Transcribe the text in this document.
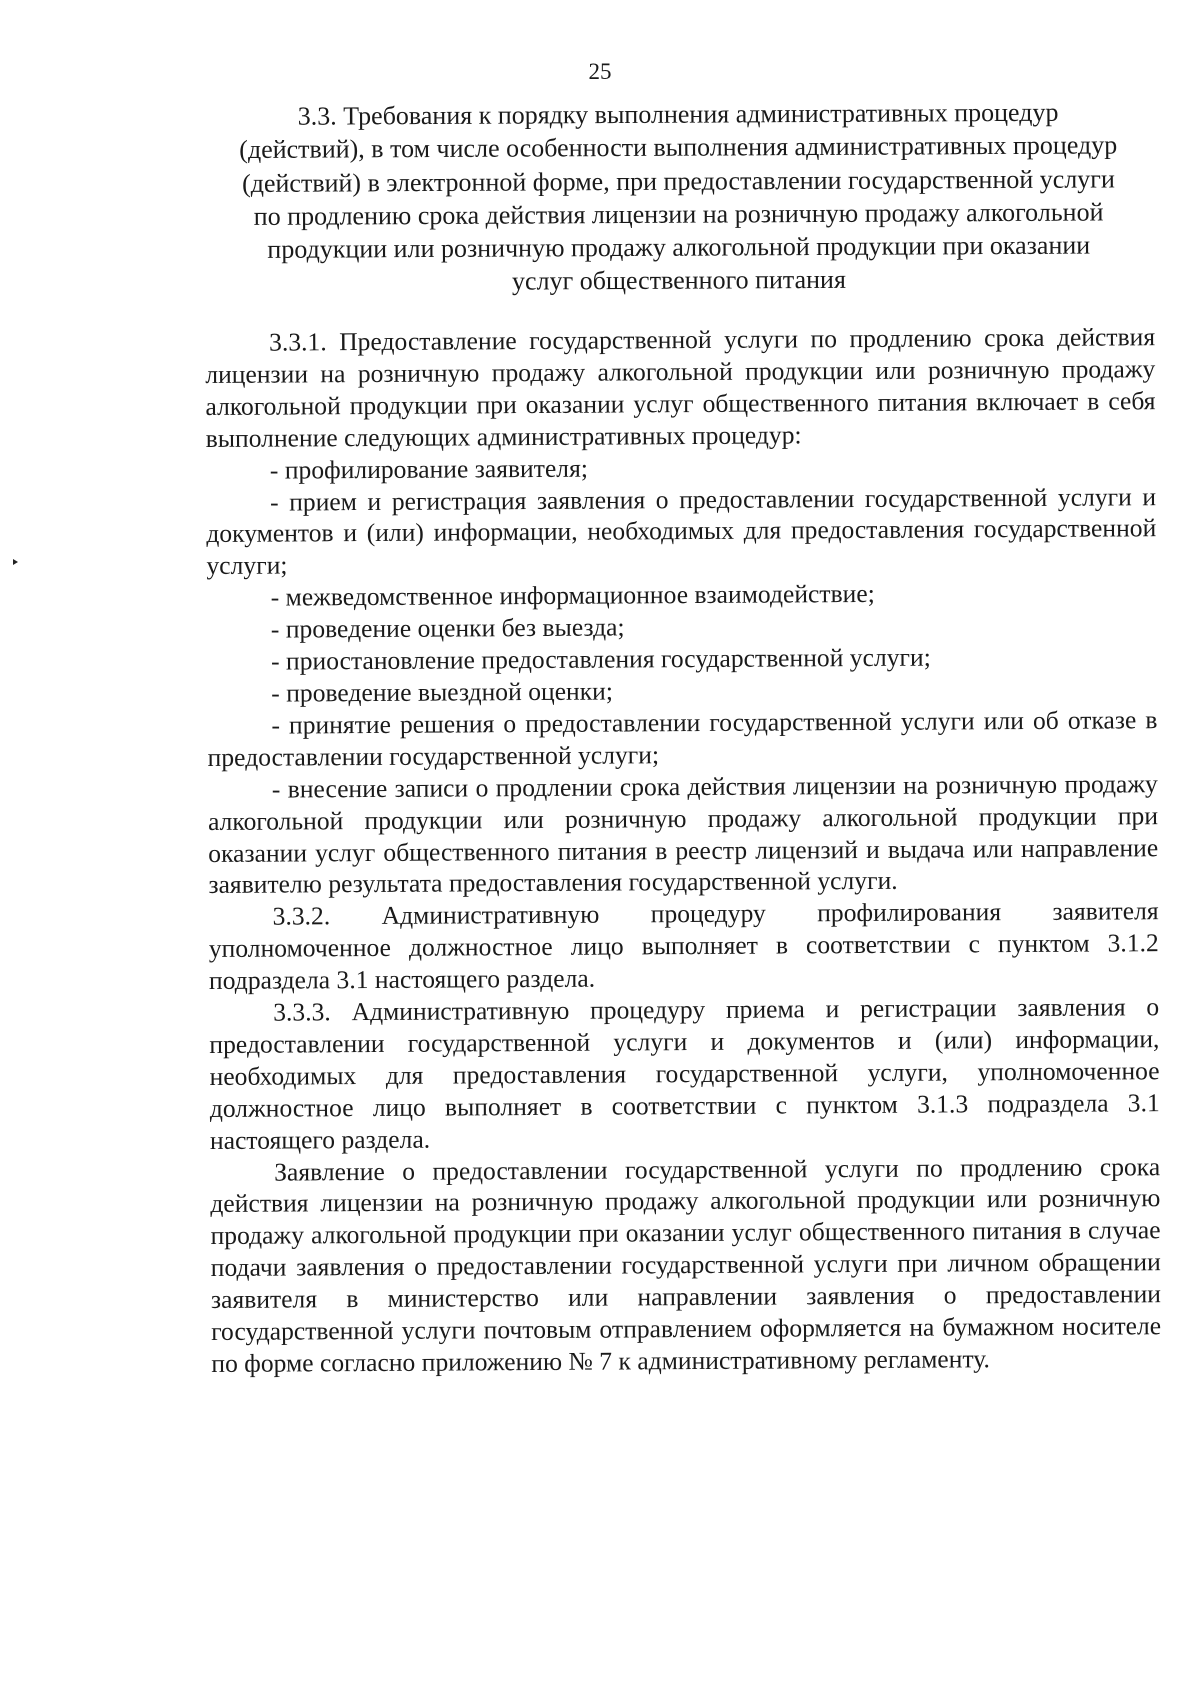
25
3.3. Требования к порядку выполнения административных процедур (действий), в том числе особенности выполнения административных процедур (действий) в электронной форме, при предоставлении государственной услуги по продлению срока действия лицензии на розничную продажу алкогольной продукции или розничную продажу алкогольной продукции при оказании услуг общественного питания

3.3.1. Предоставление государственной услуги по продлению срока действия лицензии на розничную продажу алкогольной продукции или розничную продажу алкогольной продукции при оказании услуг общественного питания включает в себя выполнение следующих административных процедур:

- профилирование заявителя;

- прием и регистрация заявления о предоставлении государственной услуги и документов и (или) информации, необходимых для предоставления государственной услуги;

- межведомственное информационное взаимодействие;

- проведение оценки без выезда;

- приостановление предоставления государственной услуги;

- проведение выездной оценки;

- принятие решения о предоставлении государственной услуги или об отказе в предоставлении государственной услуги;

- внесение записи о продлении срока действия лицензии на розничную продажу алкогольной продукции или розничную продажу алкогольной продукции при оказании услуг общественного питания в реестр лицензий и выдача или направление заявителю результата предоставления государственной услуги.

3.3.2. Административную процедуру профилирования заявителя уполномоченное должностное лицо выполняет в соответствии с пунктом 3.1.2 подраздела 3.1 настоящего раздела.

3.3.3. Административную процедуру приема и регистрации заявления о предоставлении государственной услуги и документов и (или) информации, необходимых для предоставления государственной услуги, уполномоченное должностное лицо выполняет в соответствии с пунктом 3.1.3 подраздела 3.1 настоящего раздела.

Заявление о предоставлении государственной услуги по продлению срока действия лицензии на розничную продажу алкогольной продукции или розничную продажу алкогольной продукции при оказании услуг общественного питания в случае подачи заявления о предоставлении государственной услуги при личном обращении заявителя в министерство или направлении заявления о предоставлении государственной услуги почтовым отправлением оформляется на бумажном носителе по форме согласно приложению № 7 к административному регламенту.
